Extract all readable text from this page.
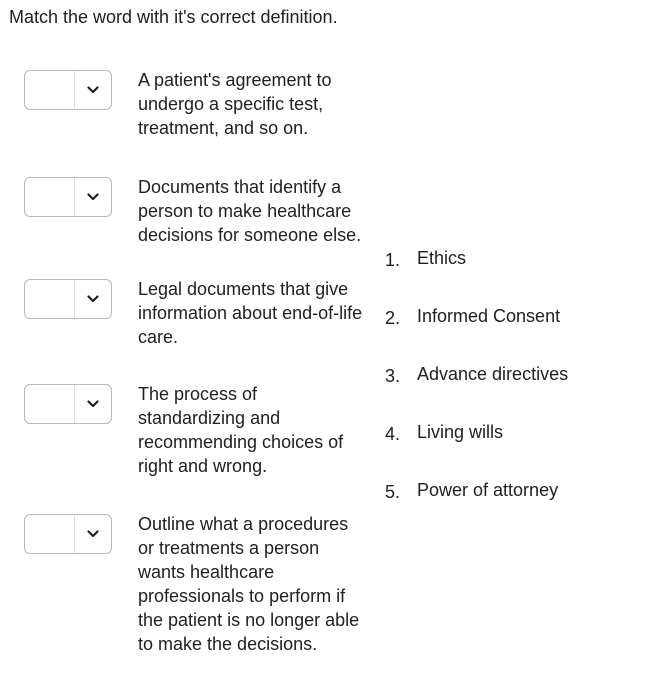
Match the word with it's correct definition.
A patient's agreement to undergo a specific test, treatment, and so on.
Documents that identify a person to make healthcare decisions for someone else.
Legal documents that give information about end-of-life care.
The process of standardizing and recommending choices of right and wrong.
Outline what a procedures or treatments a person wants healthcare professionals to perform if the patient is no longer able to make the decisions.
1. Ethics
2. Informed Consent
3. Advance directives
4. Living wills
5. Power of attorney
